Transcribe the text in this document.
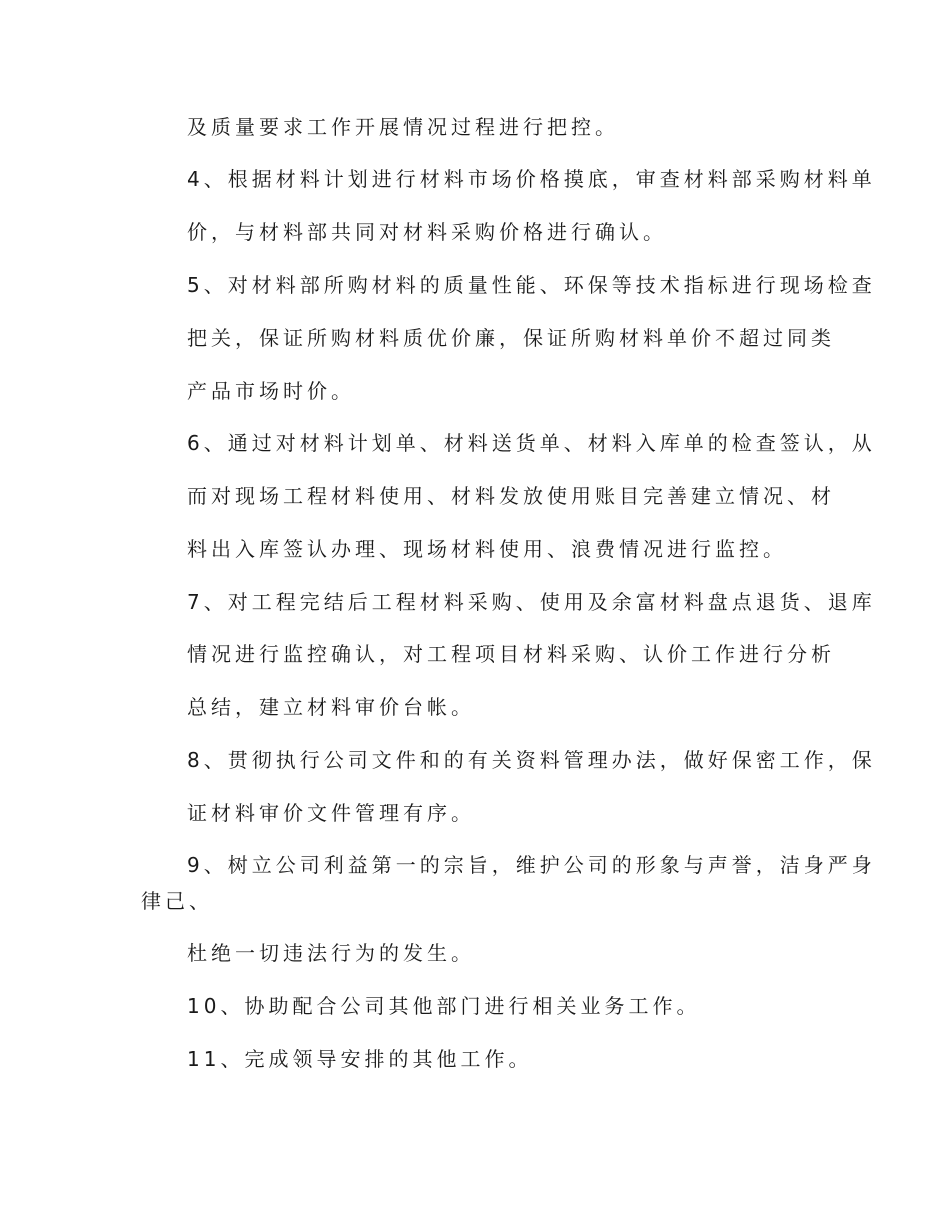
及质量要求工作开展情况过程进行把控。

4、根据材料计划进行材料市场价格摸底，审查材料部采购材料单

价，与材料部共同对材料采购价格进行确认。

5、对材料部所购材料的质量性能、环保等技术指标进行现场检查

把关，保证所购材料质优价廉，保证所购材料单价不超过同类

产品市场时价。

6、通过对材料计划单、材料送货单、材料入库单的检查签认，从

而对现场工程材料使用、材料发放使用账目完善建立情况、材

料出入库签认办理、现场材料使用、浪费情况进行监控。

7、对工程完结后工程材料采购、使用及余富材料盘点退货、退库

情况进行监控确认，对工程项目材料采购、认价工作进行分析

总结，建立材料审价台帐。

8、贯彻执行公司文件和的有关资料管理办法，做好保密工作，保

证材料审价文件管理有序。

9、树立公司利益第一的宗旨，维护公司的形象与声誉，洁身严身

律己、

杜绝一切违法行为的发生。

10、协助配合公司其他部门进行相关业务工作。

11、完成领导安排的其他工作。
